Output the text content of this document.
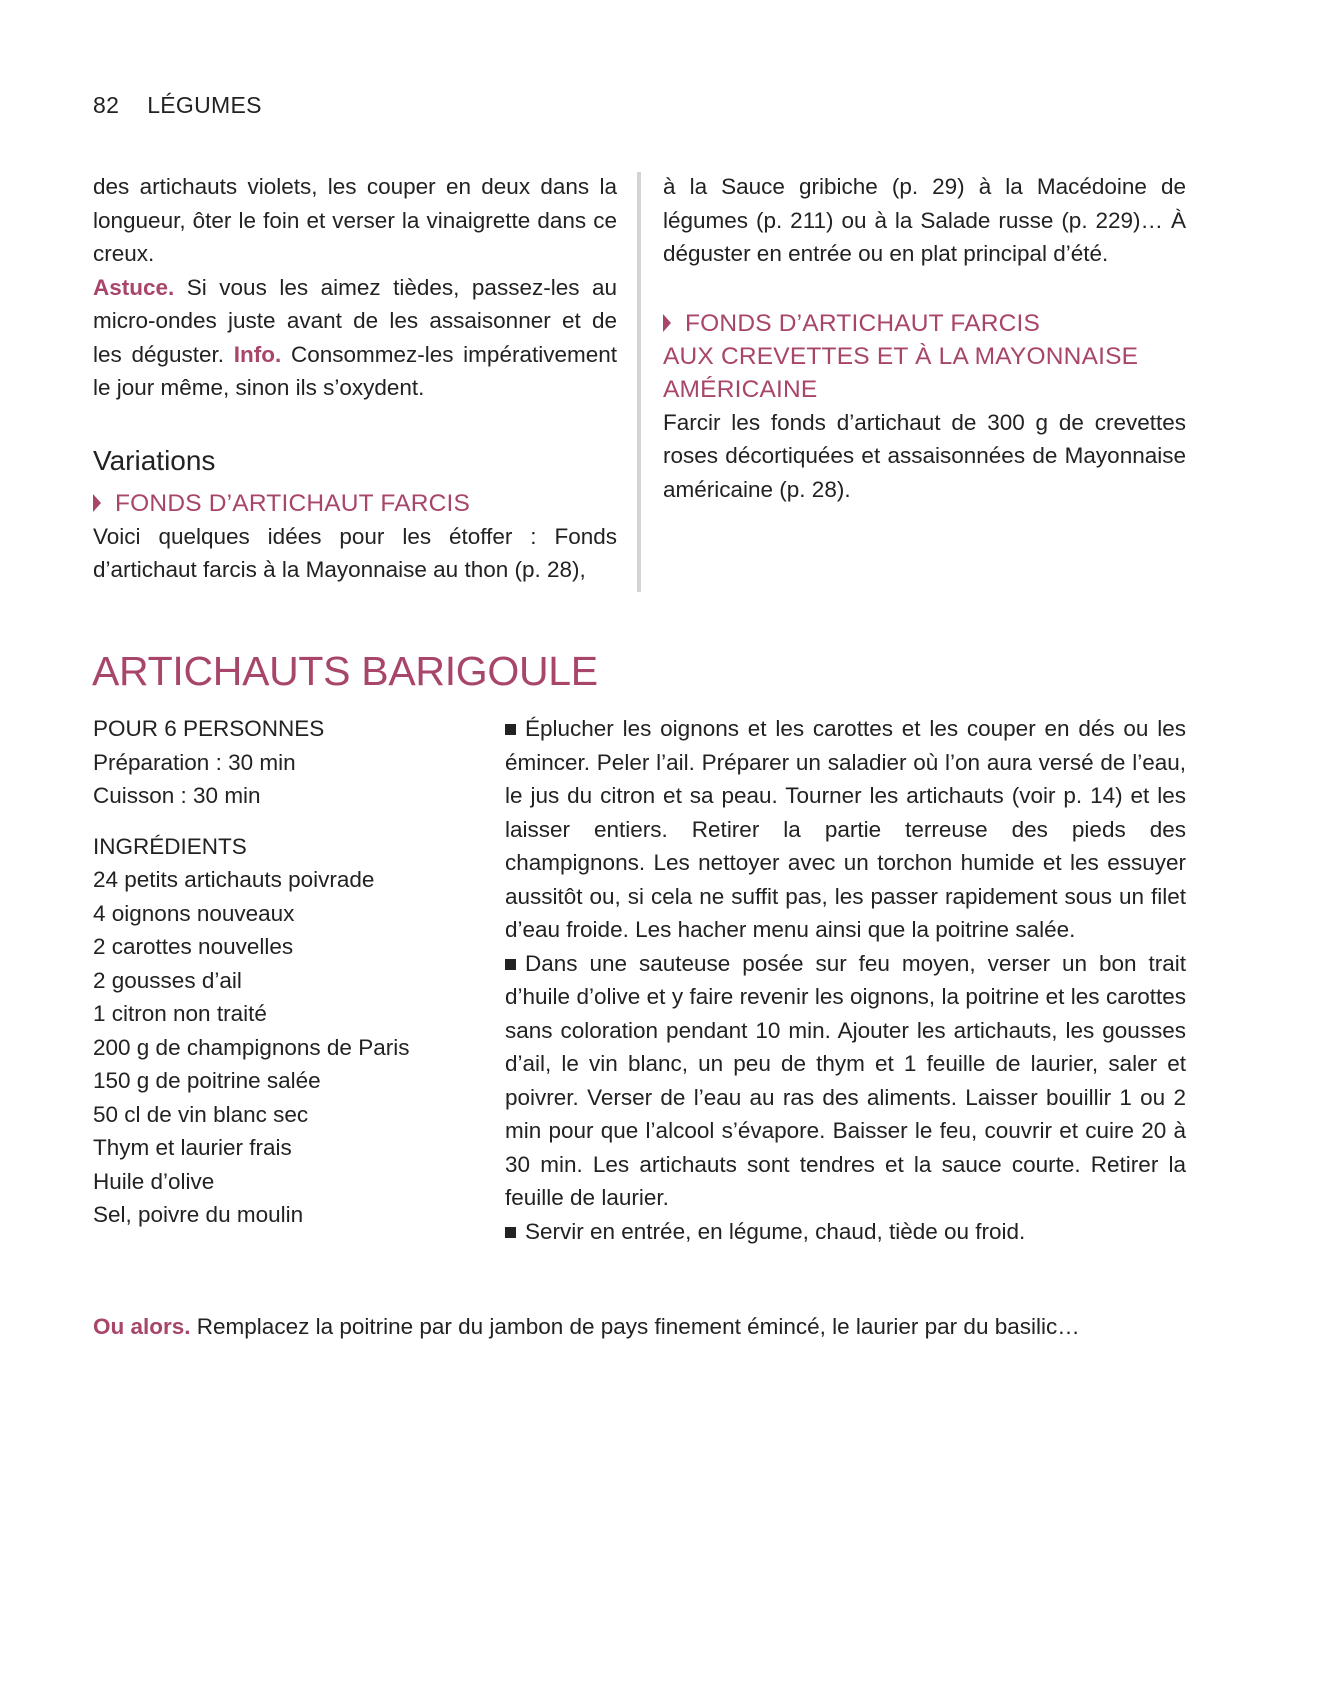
82 LÉGUMES

des artichauts violets, les couper en deux dans la longueur, ôter le foin et verser la vinaigrette dans ce creux.

Astuce. Si vous les aimez tièdes, passez-les au micro-ondes juste avant de les assaisonner et de les déguster. Info. Consommez-les impérativement le jour même, sinon ils s’oxydent.

Variations
FONDS D’ARTICHAUT FARCIS

Voici quelques idées pour les étoffer : Fonds d’artichaut farcis à la Mayonnaise au thon (p. 28),

à la Sauce gribiche (p. 29) à la Macédoine de légumes (p. 211) ou à la Salade russe (p. 229)… À déguster en entrée ou en plat principal d’été.

FONDS D’ARTICHAUT FARCIS
AUX CREVETTES ET À LA MAYONNAISE
AMÉRICAINE

Farcir les fonds d’artichaut de 300 g de crevettes roses décortiquées et assaisonnées de Mayonnaise américaine (p. 28).

ARTICHAUTS BARIGOULE
POUR 6 PERSONNES
Préparation : 30 min
Cuisson : 30 min
INGRÉDIENTS
24 petits artichauts poivrade
4 oignons nouveaux
2 carottes nouvelles
2 gousses d’ail
1 citron non traité
200 g de champignons de Paris
150 g de poitrine salée
50 cl de vin blanc sec
Thym et laurier frais
Huile d’olive
Sel, poivre du moulin

Éplucher les oignons et les carottes et les couper en dés ou les émincer. Peler l’ail. Préparer un saladier où l’on aura versé de l’eau, le jus du citron et sa peau. Tourner les artichauts (voir p. 14) et les laisser entiers. Retirer la partie terreuse des pieds des champignons. Les nettoyer avec un torchon humide et les essuyer aussitôt ou, si cela ne suffit pas, les passer rapidement sous un filet d’eau froide. Les hacher menu ainsi que la poitrine salée.

Dans une sauteuse posée sur feu moyen, verser un bon trait d’huile d’olive et y faire revenir les oignons, la poitrine et les carottes sans coloration pendant 10 min. Ajouter les artichauts, les gousses d’ail, le vin blanc, un peu de thym et 1 feuille de laurier, saler et poivrer. Verser de l’eau au ras des aliments. Laisser bouillir 1 ou 2 min pour que l’alcool s’évapore. Baisser le feu, couvrir et cuire 20 à 30 min. Les artichauts sont tendres et la sauce courte. Retirer la feuille de laurier.

Servir en entrée, en légume, chaud, tiède ou froid.

Ou alors. Remplacez la poitrine par du jambon de pays finement émincé, le laurier par du basilic…
